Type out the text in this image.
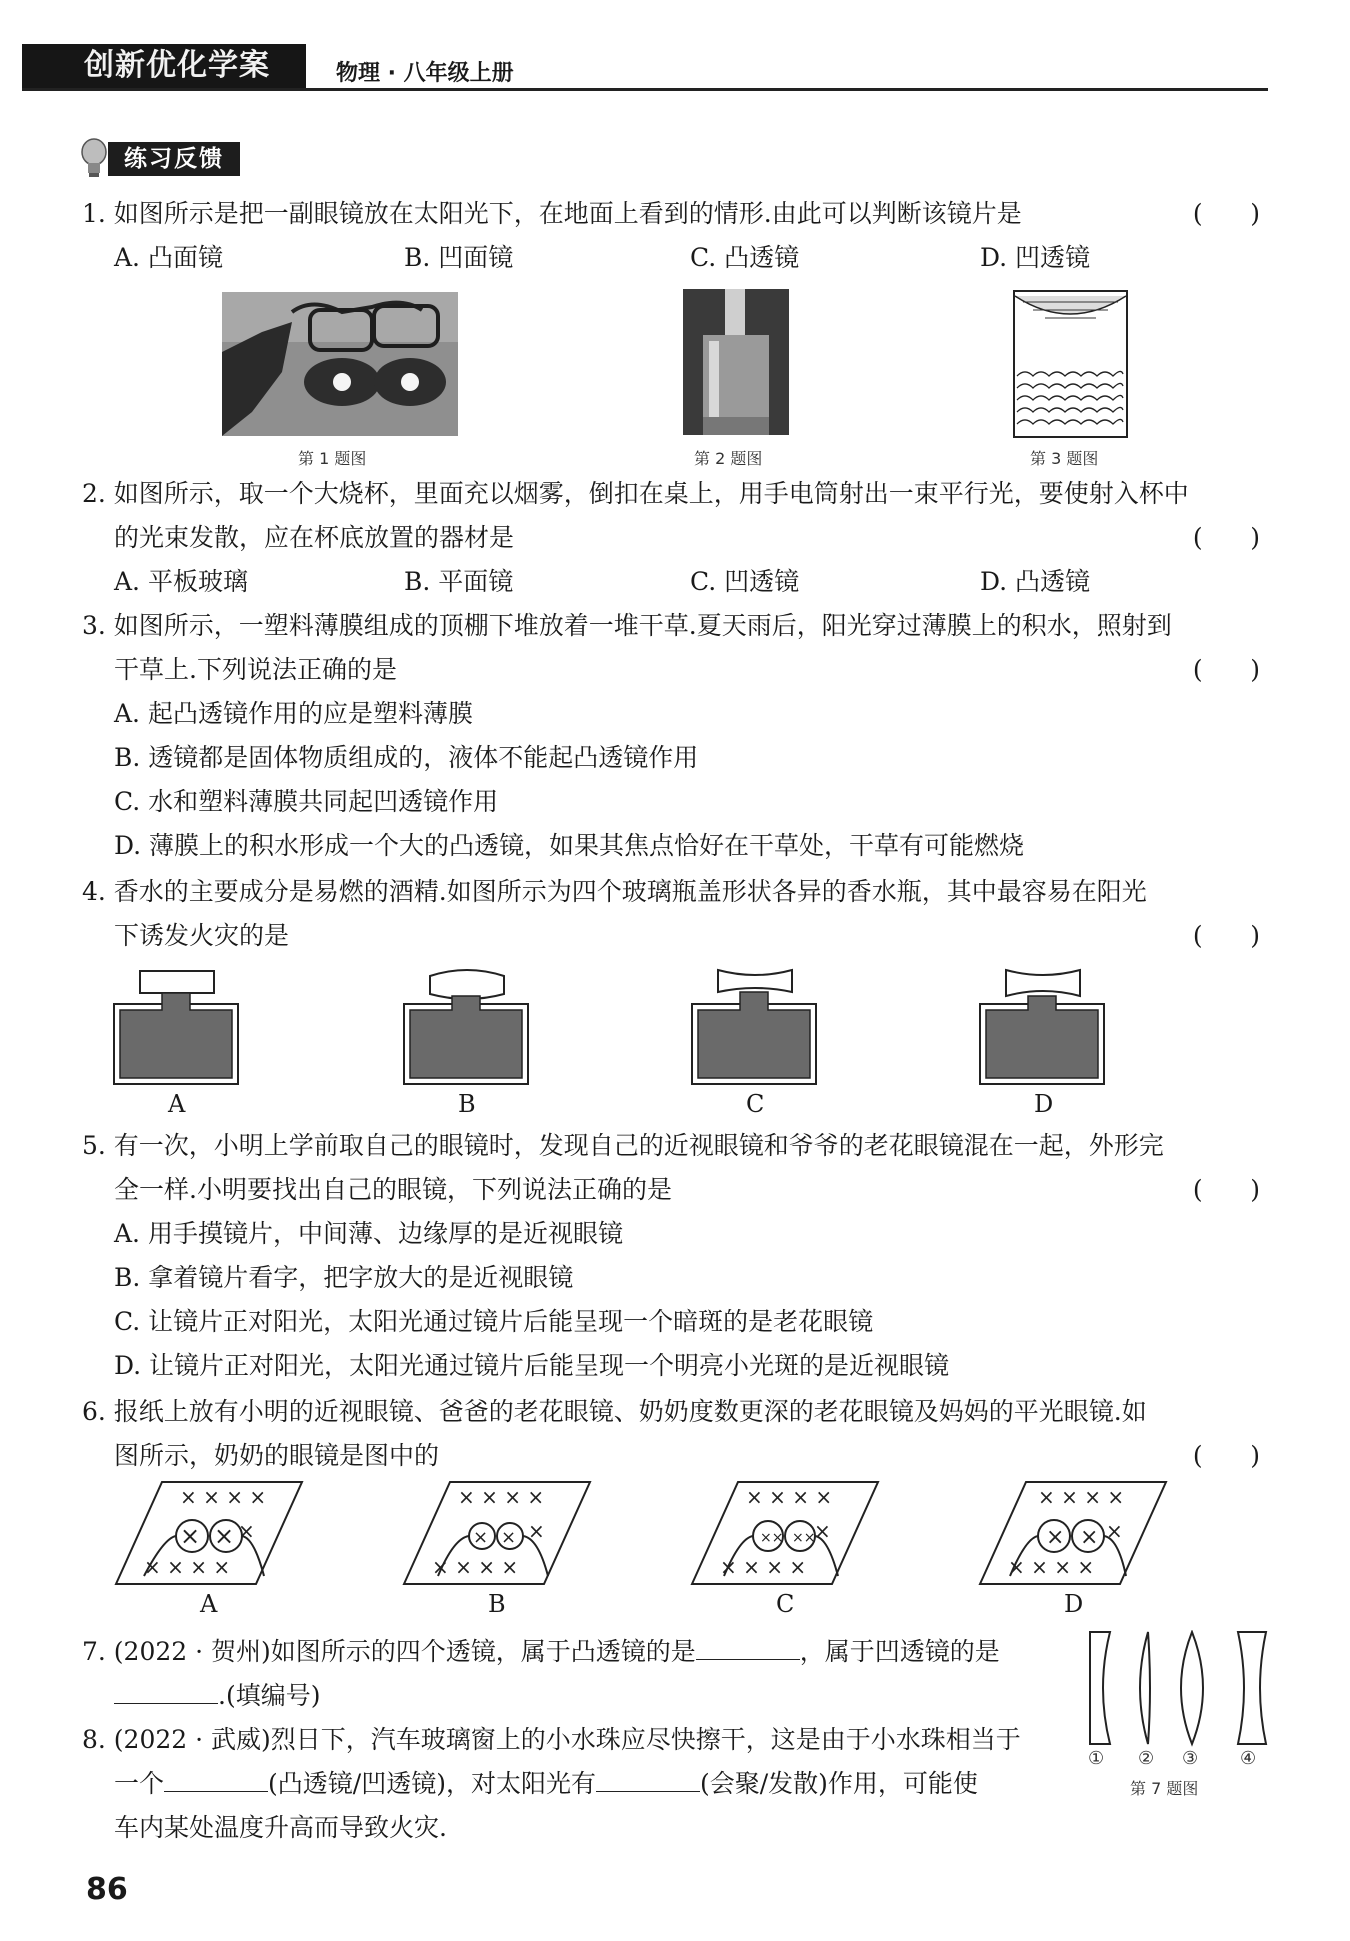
创新优化学案	物理 · 八年级上册
练习反馈
1. 如图所示是把一副眼镜放在太阳光下，在地面上看到的情形.由此可以判断该镜片是	(      )
A. 凸面镜	B. 凹面镜	C. 凸透镜	D. 凹透镜
第 1 题图	第 2 题图	第 3 题图
2. 如图所示，取一个大烧杯，里面充以烟雾，倒扣在桌上，用手电筒射出一束平行光，要使射入杯中
的光束发散，应在杯底放置的器材是	(      )
A. 平板玻璃	B. 平面镜	C. 凹透镜	D. 凸透镜
3. 如图所示，一塑料薄膜组成的顶棚下堆放着一堆干草.夏天雨后，阳光穿过薄膜上的积水，照射到
干草上.下列说法正确的是	(      )
A. 起凸透镜作用的应是塑料薄膜
B. 透镜都是固体物质组成的，液体不能起凸透镜作用
C. 水和塑料薄膜共同起凹透镜作用
D. 薄膜上的积水形成一个大的凸透镜，如果其焦点恰好在干草处，干草有可能燃烧
4. 香水的主要成分是易燃的酒精.如图所示为四个玻璃瓶盖形状各异的香水瓶，其中最容易在阳光
下诱发火灾的是	(      )
A	B	C	D
5. 有一次，小明上学前取自己的眼镜时，发现自己的近视眼镜和爷爷的老花眼镜混在一起，外形完
全一样.小明要找出自己的眼镜，下列说法正确的是	(      )
A. 用手摸镜片，中间薄、边缘厚的是近视眼镜
B. 拿着镜片看字，把字放大的是近视眼镜
C. 让镜片正对阳光，太阳光通过镜片后能呈现一个暗斑的是老花眼镜
D. 让镜片正对阳光，太阳光通过镜片后能呈现一个明亮小光斑的是近视眼镜
6. 报纸上放有小明的近视眼镜、爸爸的老花眼镜、奶奶度数更深的老花眼镜及妈妈的平光眼镜.如
图所示，奶奶的眼镜是图中的	(      )
× × × ×
× × × ×
×
× ×
× × × ×
× × × ×
×
× ×
× × × ×
× × × ×
×
×× ××
× × × ×
× × × ×
×
× ×
A	B	C	D
7. (2022 · 贺州)如图所示的四个透镜，属于凸透镜的是	，属于凹透镜的是
.(填编号)
① ② ③ ④
第 7 题图
8. (2022 · 武威)烈日下，汽车玻璃窗上的小水珠应尽快擦干，这是由于小水珠相当于
一个	(凸透镜/凹透镜)，对太阳光有	(会聚/发散)作用，可能使
车内某处温度升高而导致火灾.
86
